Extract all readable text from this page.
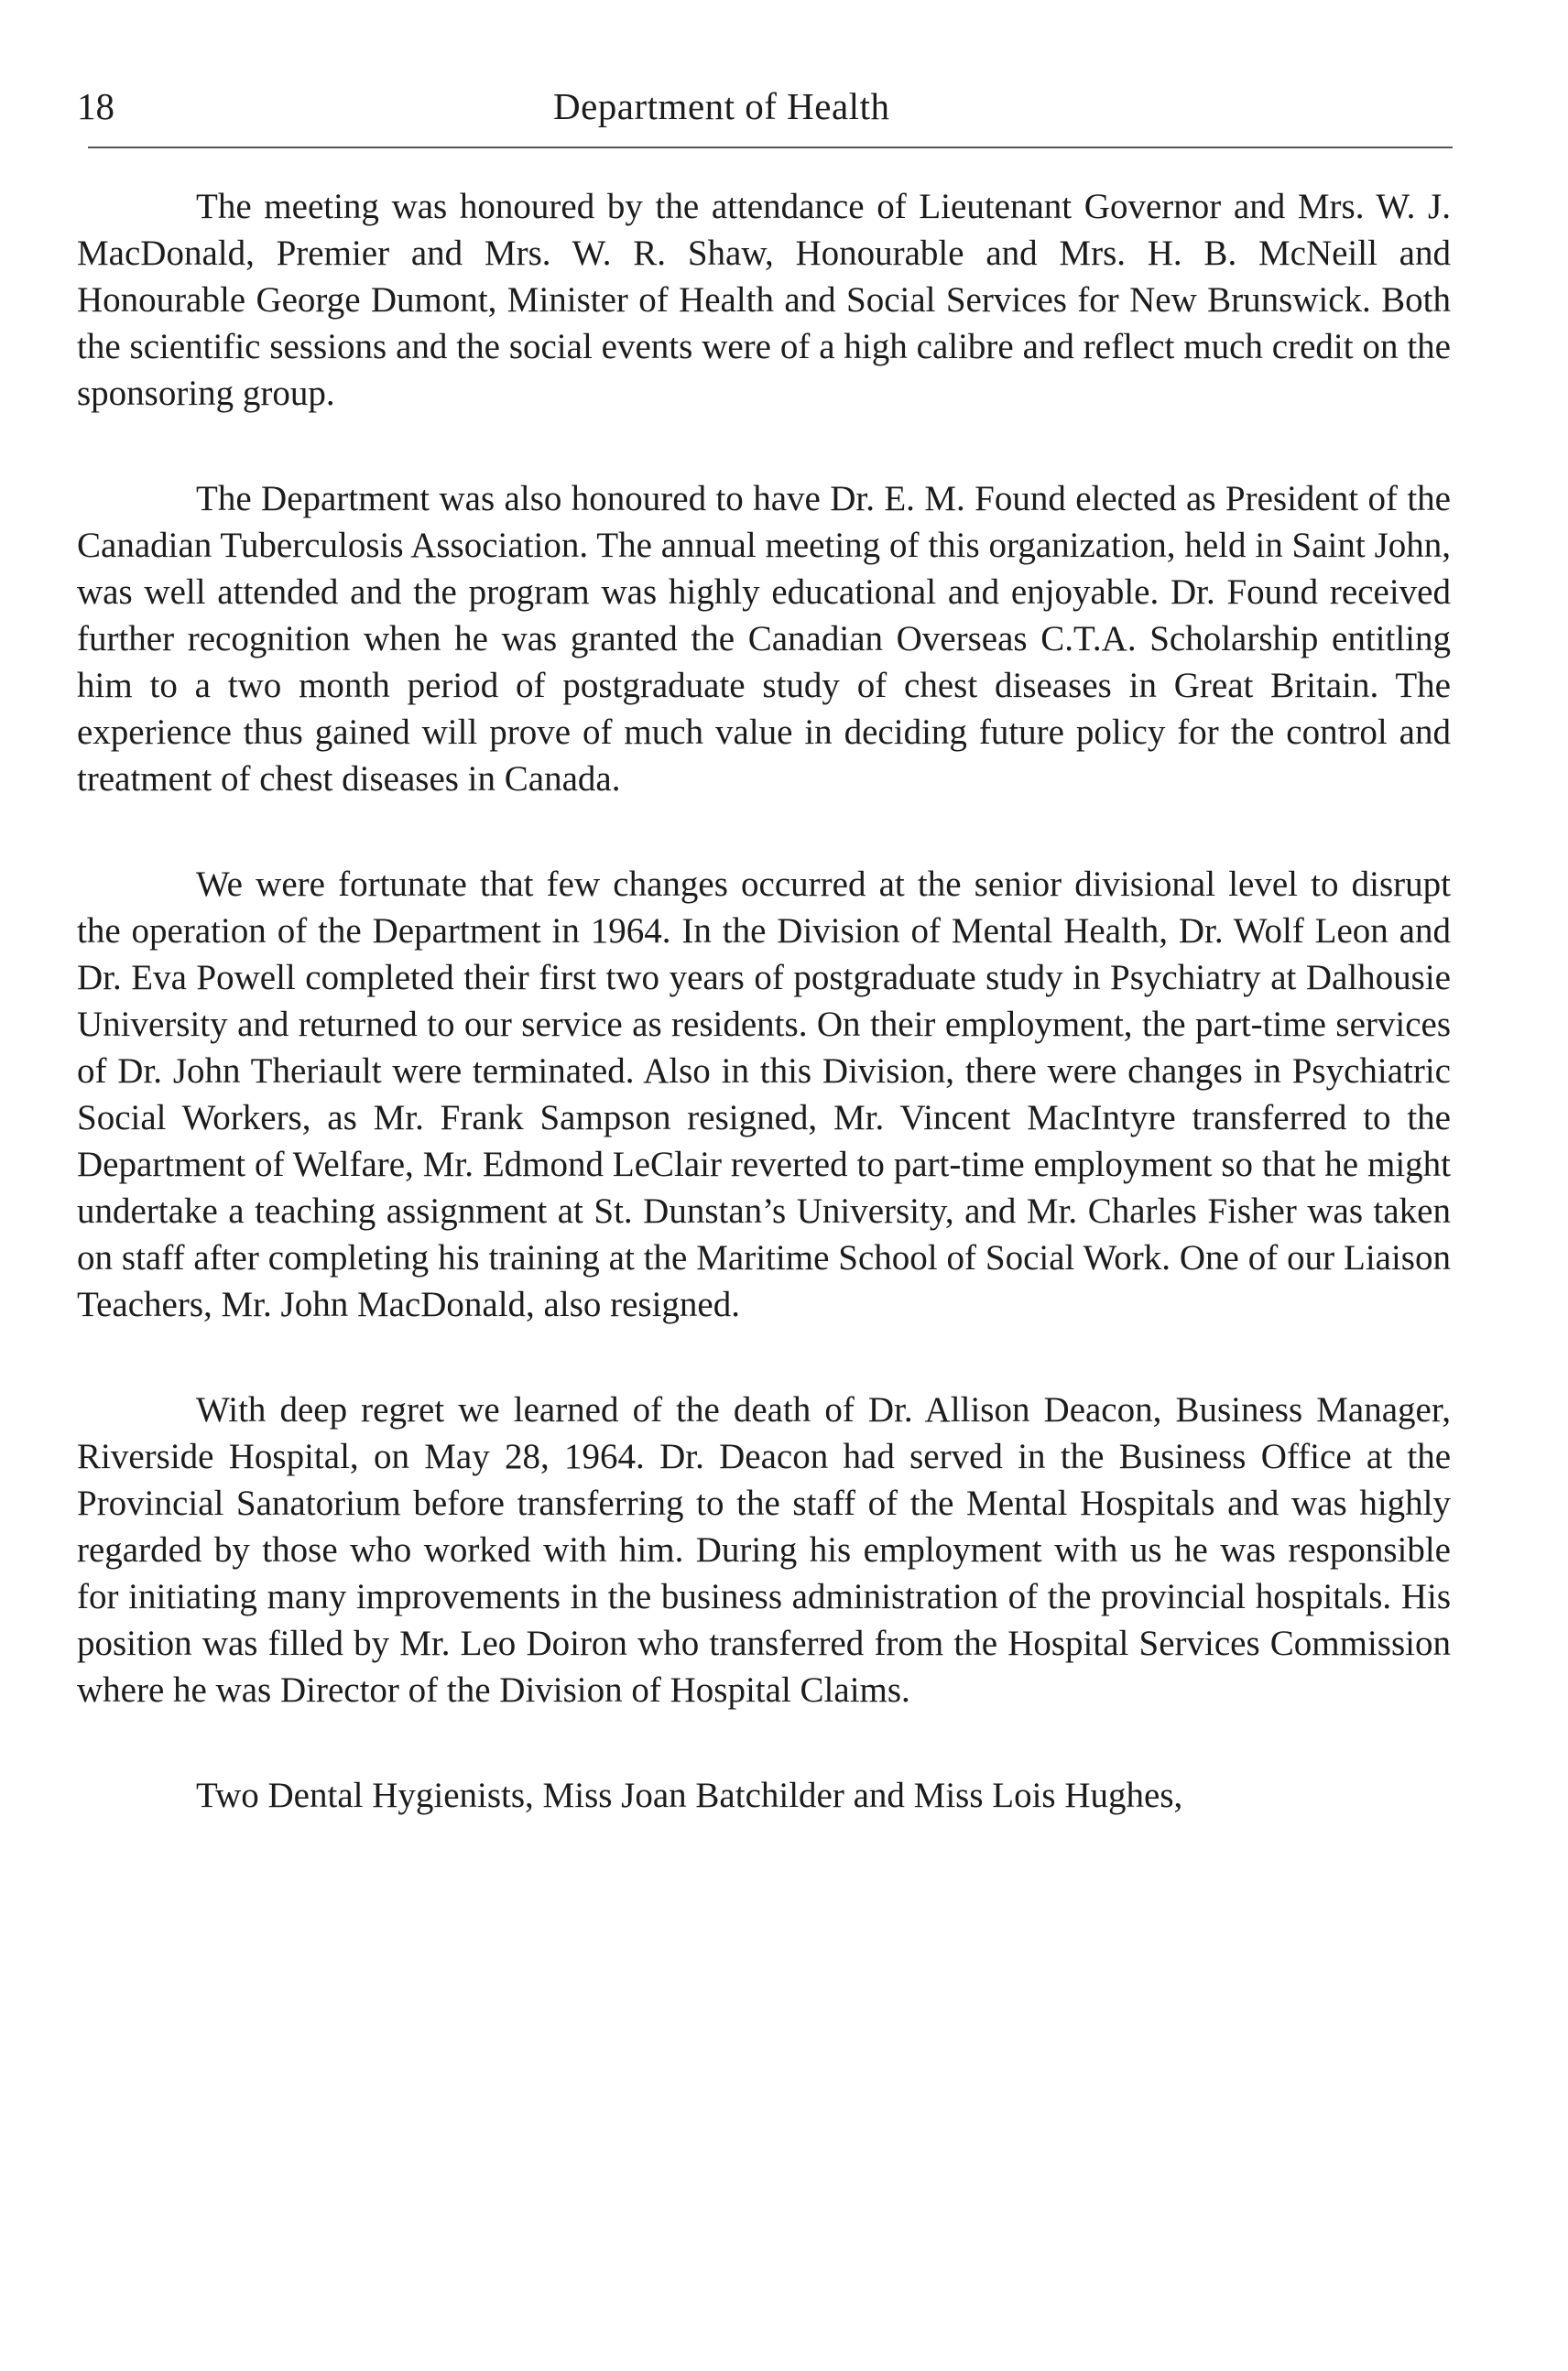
18	Department of Health

The meeting was honoured by the attendance of Lieutenant Governor and Mrs. W. J. MacDonald, Premier and Mrs. W. R. Shaw, Honourable and Mrs. H. B. McNeill and Honourable George Dumont, Minister of Health and Social Services for New Brunswick. Both the scientific sessions and the social events were of a high calibre and reflect much credit on the sponsoring group.

The Department was also honoured to have Dr. E. M. Found elected as President of the Canadian Tuberculosis Association. The annual meeting of this organization, held in Saint John, was well attended and the program was highly educational and enjoyable. Dr. Found received further recognition when he was granted the Canadian Overseas C.T.A. Scholarship entitling him to a two month period of postgraduate study of chest diseases in Great Britain. The experience thus gained will prove of much value in deciding future policy for the control and treatment of chest diseases in Canada.

We were fortunate that few changes occurred at the senior divisional level to disrupt the operation of the Department in 1964. In the Division of Mental Health, Dr. Wolf Leon and Dr. Eva Powell completed their first two years of postgraduate study in Psychiatry at Dalhousie University and returned to our service as residents. On their employment, the part-time services of Dr. John Theriault were terminated. Also in this Division, there were changes in Psychiatric Social Workers, as Mr. Frank Sampson resigned, Mr. Vincent MacIntyre transferred to the Department of Welfare, Mr. Edmond LeClair reverted to part-time employment so that he might undertake a teaching assignment at St. Dunstan’s University, and Mr. Charles Fisher was taken on staff after completing his training at the Maritime School of Social Work. One of our Liaison Teachers, Mr. John MacDonald, also resigned.

With deep regret we learned of the death of Dr. Allison Deacon, Business Manager, Riverside Hospital, on May 28, 1964. Dr. Deacon had served in the Business Office at the Provincial Sanatorium before transferring to the staff of the Mental Hospitals and was highly regarded by those who worked with him. During his employment with us he was responsible for initiating many improvements in the business administration of the provincial hospitals. His position was filled by Mr. Leo Doiron who transferred from the Hospital Services Commission where he was Director of the Division of Hospital Claims.

Two Dental Hygienists, Miss Joan Batchilder and Miss Lois Hughes,
